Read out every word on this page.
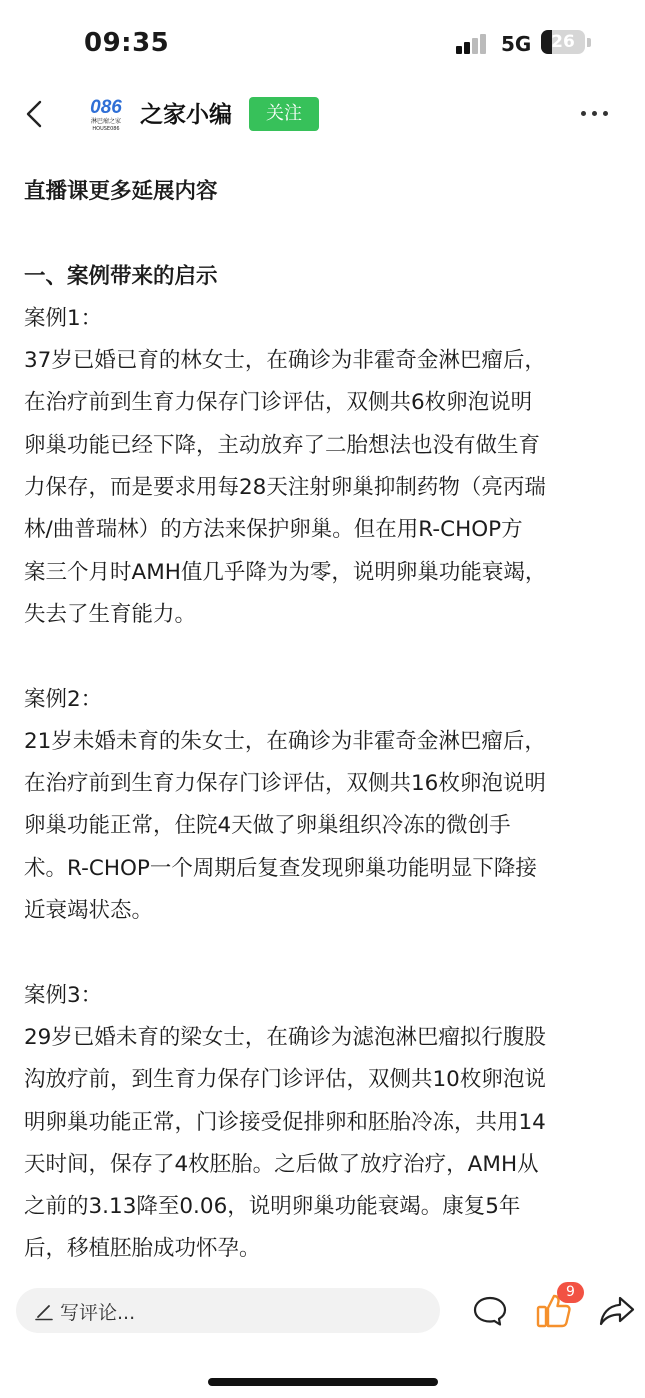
09:35	5G	26
086
淋巴瘤之家
HOUSE086
之家小编	关注

直播课更多延展内容

一、案例带来的启示

案例1：

37岁已婚已育的林女士，在确诊为非霍奇金淋巴瘤后，

在治疗前到生育力保存门诊评估，双侧共6枚卵泡说明

卵巢功能已经下降，主动放弃了二胎想法也没有做生育

力保存，而是要求用每28天注射卵巢抑制药物（亮丙瑞

林/曲普瑞林）的方法来保护卵巢。但在用R-CHOP方

案三个月时AMH值几乎降为为零，说明卵巢功能衰竭，

失去了生育能力。

案例2：

21岁未婚未育的朱女士，在确诊为非霍奇金淋巴瘤后，

在治疗前到生育力保存门诊评估，双侧共16枚卵泡说明

卵巢功能正常，住院4天做了卵巢组织冷冻的微创手

术。R-CHOP一个周期后复查发现卵巢功能明显下降接

近衰竭状态。

案例3：

29岁已婚未育的梁女士，在确诊为滤泡淋巴瘤拟行腹股

沟放疗前，到生育力保存门诊评估，双侧共10枚卵泡说

明卵巢功能正常，门诊接受促排卵和胚胎冷冻，共用14

天时间，保存了4枚胚胎。之后做了放疗治疗，AMH从

之前的3.13降至0.06，说明卵巢功能衰竭。康复5年

后，移植胚胎成功怀孕。

写评论...
9
